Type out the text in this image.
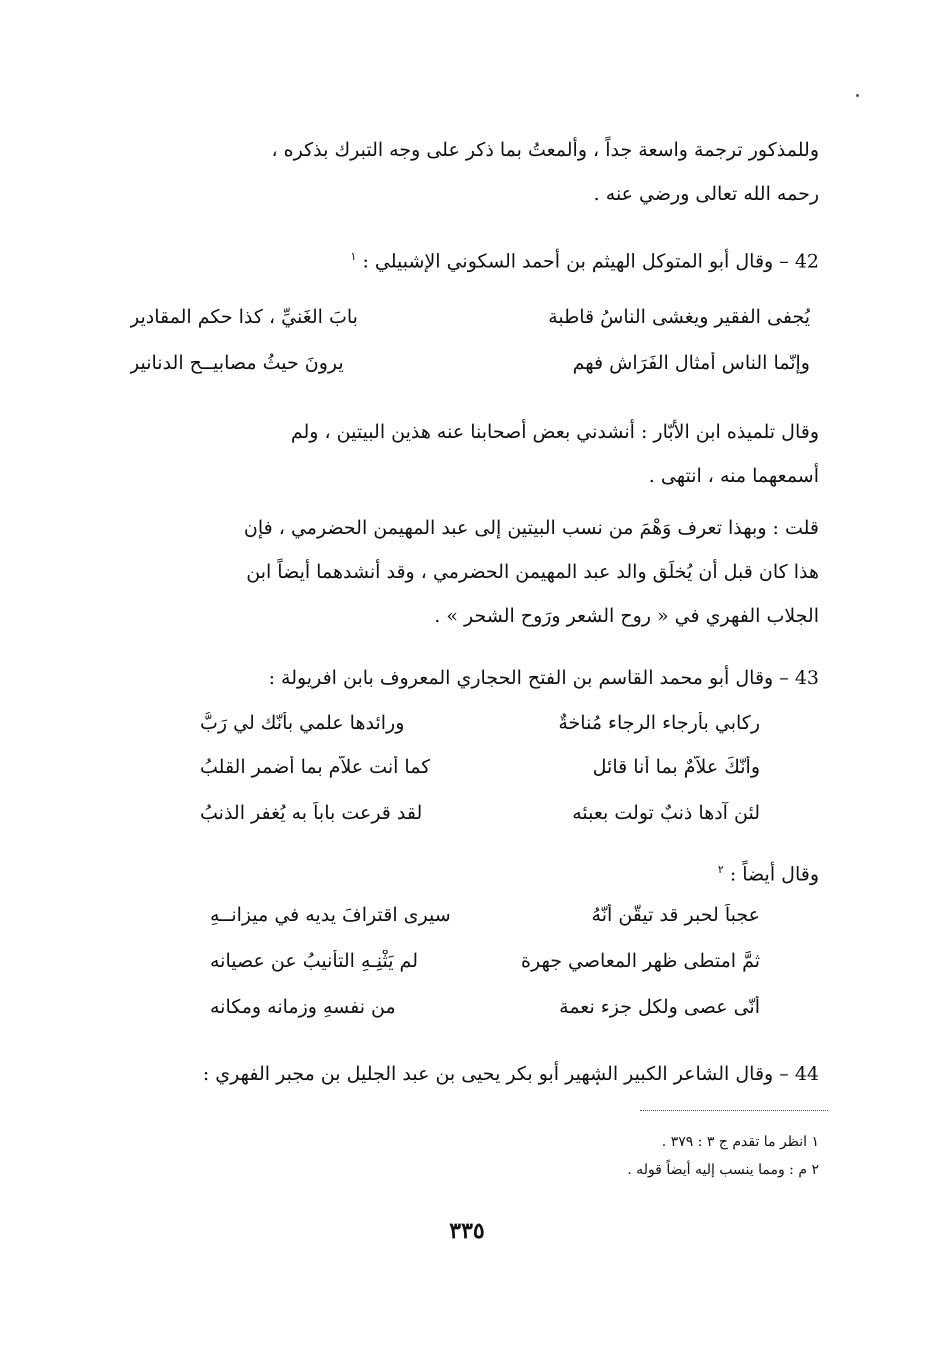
وللمذكور ترجمة واسعة جداً ، وألمعتُ بما ذكر على وجه التبرك بذكره ،
رحمه الله تعالى ورضي عنه .
42 – وقال أبو المتوكل الهيثم بن أحمد السكوني الإشبيلي : $^١$
يُجفى الفقير ويغشى الناسُ قاطبة
بابَ الغَنيِّ ، كذا حكم المقاديرِ
وإنّما الناس أمثال الفَرَاش فهم
يرونَ حيثُ مصابيــح الدنانيرِ
وقال تلميذه ابن الأبّار : أنشدني بعض أصحابنا عنه هذين البيتين ، ولم
أسمعهما منه ، انتهى .
قلت : وبهذا تعرف وَهْمَ من نسب البيتين إلى عبد المهيمن الحضرمي ، فإن
هذا كان قبل أن يُخلَق والد عبد المهيمن الحضرمي ، وقد أنشدهما أيضاً ابن
الجلاب الفهري في « روح الشعر ورَوح الشحر » .
43 – وقال أبو محمد القاسم بن الفتح الحجاري المعروف بابن افريولة :
ركابي بأرجاء الرجاء مُناخةٌ
ورائدها علمي بأنّك لي رَبُّ
وأنّكَ علاّمٌ بما أنا قائل
كما أنت علاّم بما أضمر القلبُ
لئن آدها ذنبٌ تولت بعبئه
لقد قرعت باباً به يُغفر الذنبُ
وقال أيضاً : $^٢$
عجباً لحبر قد تيقّن أنّهُ
سيرى اقترافَ يديه في ميزانــهِ
ثمَّ امتطى ظهر المعاصي جهرة
لم يَثْنِـهِ التأنيبُ عن عصيانه
أنّى عصى ولكل جزء نعمة
من نفسهِ وزمانه ومكانه
44 – وقال الشاعر الكبير الشهير أبو بكر يحيى بن عبد الجليل بن مجبر الفهري :
١ انظر ما تقدم ج ٣ : ٣٧٩ .
٢ م : ومما ينسب إليه أيضاً قوله .
٣٣٥
